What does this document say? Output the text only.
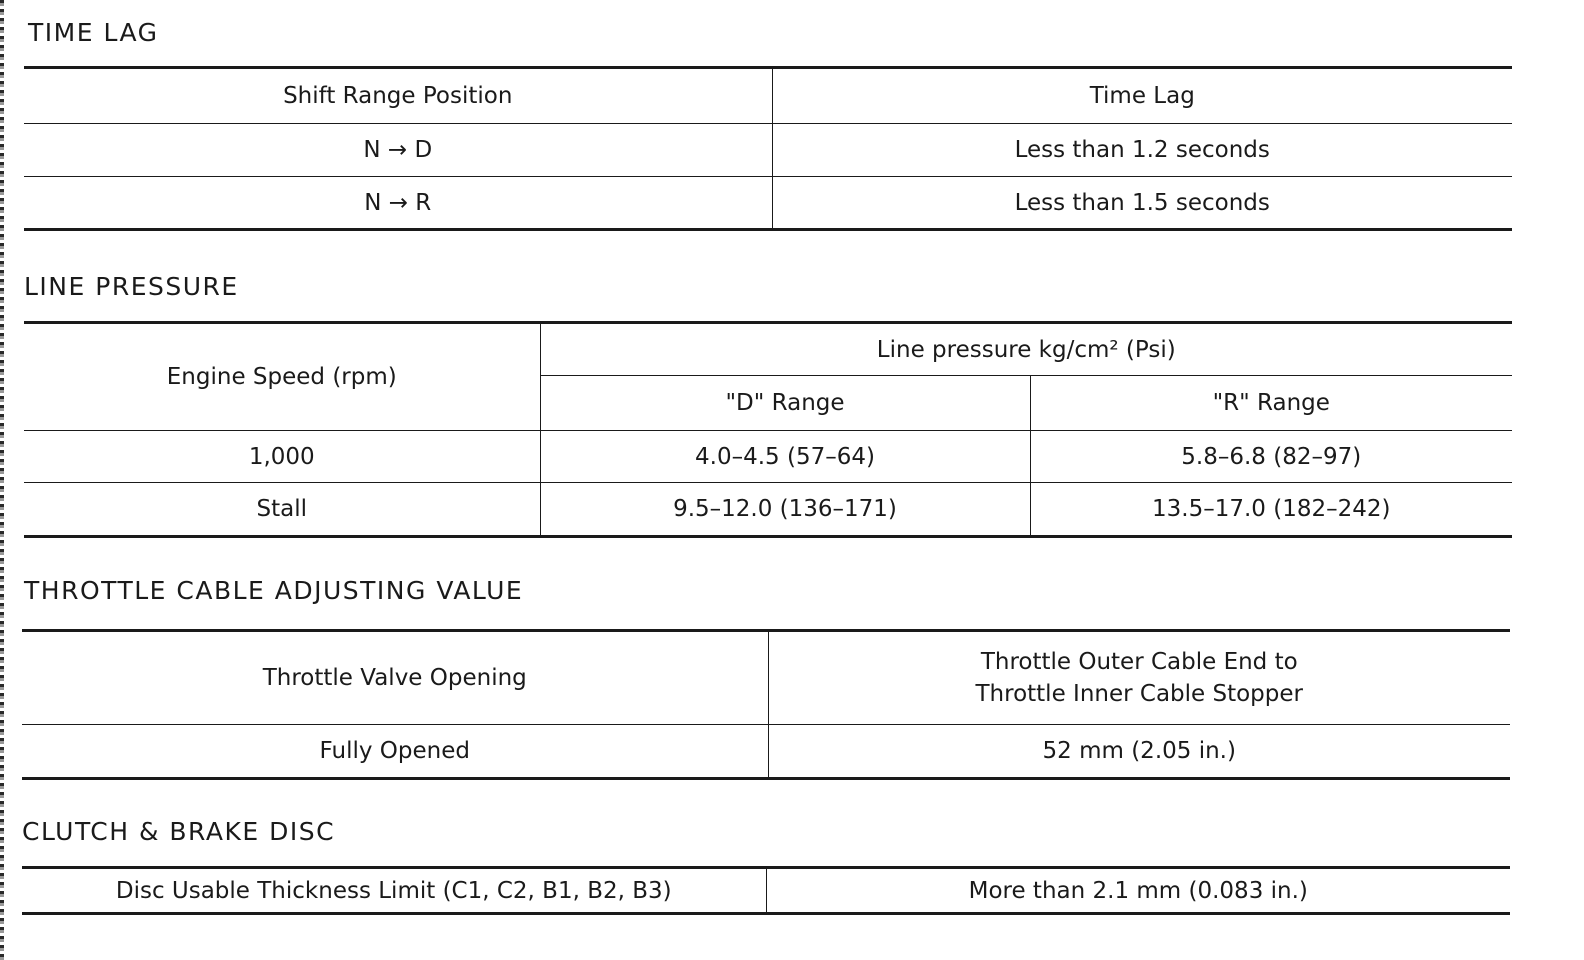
TIME LAG
Shift Range Position	Time Lag
N → D	Less than 1.2 seconds
N → R	Less than 1.5 seconds
LINE PRESSURE
Engine Speed (rpm)	Line pressure kg/cm² (Psi)	
	"D" Range	"R" Range
1,000	4.0–4.5 (57–64)	5.8–6.8 (82–97)
Stall	9.5–12.0 (136–171)	13.5–17.0 (182–242)
THROTTLE CABLE ADJUSTING VALUE
Throttle Valve Opening	Throttle Outer Cable End to
Throttle Inner Cable Stopper

Fully Opened	52 mm (2.05 in.)
CLUTCH & BRAKE DISC
Disc Usable Thickness Limit (C1, C2, B1, B2, B3)	More than 2.1 mm (0.083 in.)
